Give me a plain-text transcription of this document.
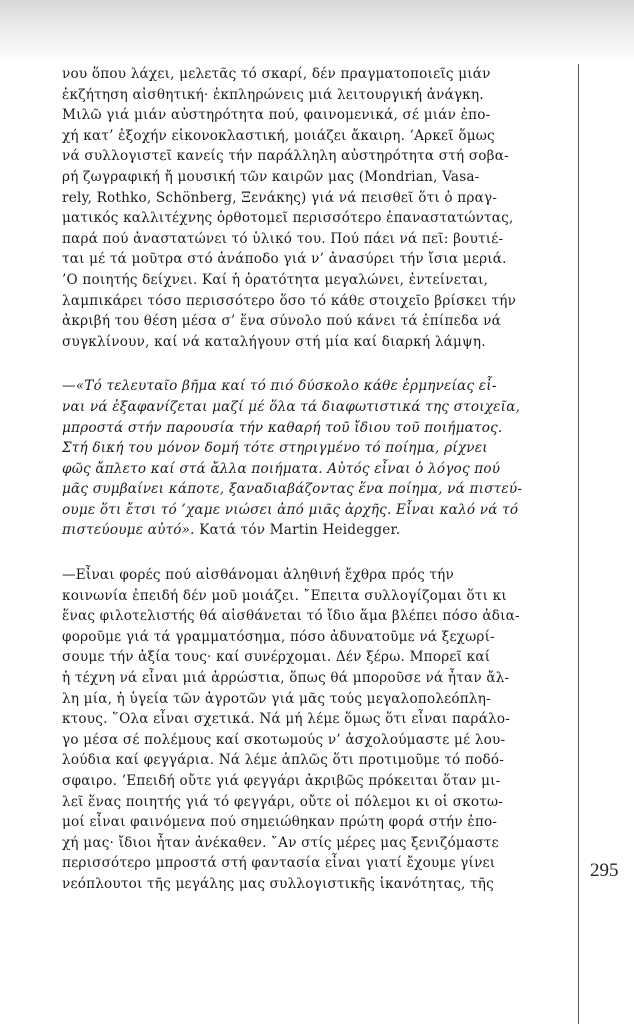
νου ὅπου λάχει, μελετᾶς τό σκαρί, δέν πραγματοποιεῖς μιάν
ἐκζήτηση αἰσθητική· ἐκπληρώνεις μιά λειτουργική ἀνάγκη.
Μιλῶ γιά μιάν αὐστηρότητα πού, φαινομενικά, σέ μιάν ἐπο-
χή κατ’ ἐξοχήν εἰκονοκλαστική, μοιάζει ἄκαιρη. ’Αρκεῖ ὅμως
νά συλλογιστεῖ κανείς τήν παράλληλη αὐστηρότητα στή σοβα-
ρή ζωγραφική ἤ μουσική τῶν καιρῶν μας (Mondrian, Vasa-
rely, Rothko, Schönberg, Ξενάκης) γιά νά πεισθεῖ ὅτι ὁ πραγ-
ματικός καλλιτέχνης ὀρθοτομεῖ περισσότερο ἐπαναστατώντας,
παρά πού ἀναστατώνει τό ὑλικό του. Πού πάει νά πεῖ: βουτιέ-
ται μέ τά μοῦτρα στό ἀνάποδο γιά ν’ ἀνασύρει τήν ἴσια μεριά.
’Ο ποιητής δείχνει. Καί ἡ ὁρατότητα μεγαλώνει, ἐντείνεται,
λαμπικάρει τόσο περισσότερο ὅσο τό κάθε στοιχεῖο βρίσκει τήν
ἀκριβή του θέση μέσα σ’ ἕνα σύνολο πού κάνει τά ἐπίπεδα νά
συγκλίνουν, καί νά καταλήγουν στή μία καί διαρκή λάμψη.
—«Τό τελευταῖο βῆμα καί τό πιό δύσκολο κάθε ἑρμηνείας εἶ-
ναι νά ἐξαφανίζεται μαζί μέ ὅλα τά διαφωτιστικά της στοιχεῖα,
μπροστά στήν παρουσία τήν καθαρή τοῦ ἴδιου τοῦ ποιήματος.
Στή δική του μόνον δομή τότε στηριγμένο τό ποίημα, ρίχνει
φῶς ἄπλετο καί στά ἄλλα ποιήματα. Αὐτός εἶναι ὁ λόγος πού
μᾶς συμβαίνει κάποτε, ξαναδιαβάζοντας ἕνα ποίημα, νά πιστεύ-
ουμε ὅτι ἔτσι τό ’χαμε νιώσει ἀπό μιᾶς ἀρχῆς. Εἶναι καλό νά τό
πιστεύουμε αὐτό». Κατά τόν Martin Heidegger.
—Εἶναι φορές πού αἰσθάνομαι ἀληθινή ἔχθρα πρός τήν
κοινωνία ἐπειδή δέν μοῦ μοιάζει. ῎Επειτα συλλογίζομαι ὅτι κι
ἕνας φιλοτελιστής θά αἰσθάνεται τό ἴδιο ἅμα βλέπει πόσο ἀδια-
φοροῦμε γιά τά γραμματόσημα, πόσο ἀδυνατοῦμε νά ξεχωρί-
σουμε τήν ἀξία τους· καί συνέρχομαι. Δέν ξέρω. Μπορεῖ καί
ἡ τέχνη νά εἶναι μιά ἀρρώστια, ὅπως θά μποροῦσε νά ἦταν ἄλ-
λη μία, ἡ ὑγεία τῶν ἀγροτῶν γιά μᾶς τούς μεγαλοπολεόπλη-
κτους. ῞Ολα εἶναι σχετικά. Νά μή λέμε ὅμως ὅτι εἶναι παράλο-
γο μέσα σέ πολέμους καί σκοτωμούς ν’ ἀσχολούμαστε μέ λου-
λούδια καί φεγγάρια. Νά λέμε ἁπλῶς ὅτι προτιμοῦμε τό ποδό-
σφαιρο. ’Επειδή οὔτε γιά φεγγάρι ἀκριβῶς πρόκειται ὅταν μι-
λεῖ ἕνας ποιητής γιά τό φεγγάρι, οὔτε οἱ πόλεμοι κι οἱ σκοτω-
μοί εἶναι φαινόμενα πού σημειώθηκαν πρώτη φορά στήν ἐπο-
χή μας· ἴδιοι ἦταν ἀνέκαθεν. ῎Αν στίς μέρες μας ξενιζόμαστε
περισσότερο μπροστά στή φαντασία εἶναι γιατί ἔχουμε γίνει
νεόπλουτοι τῆς μεγάλης μας συλλογιστικῆς ἱκανότητας, τῆς
295
